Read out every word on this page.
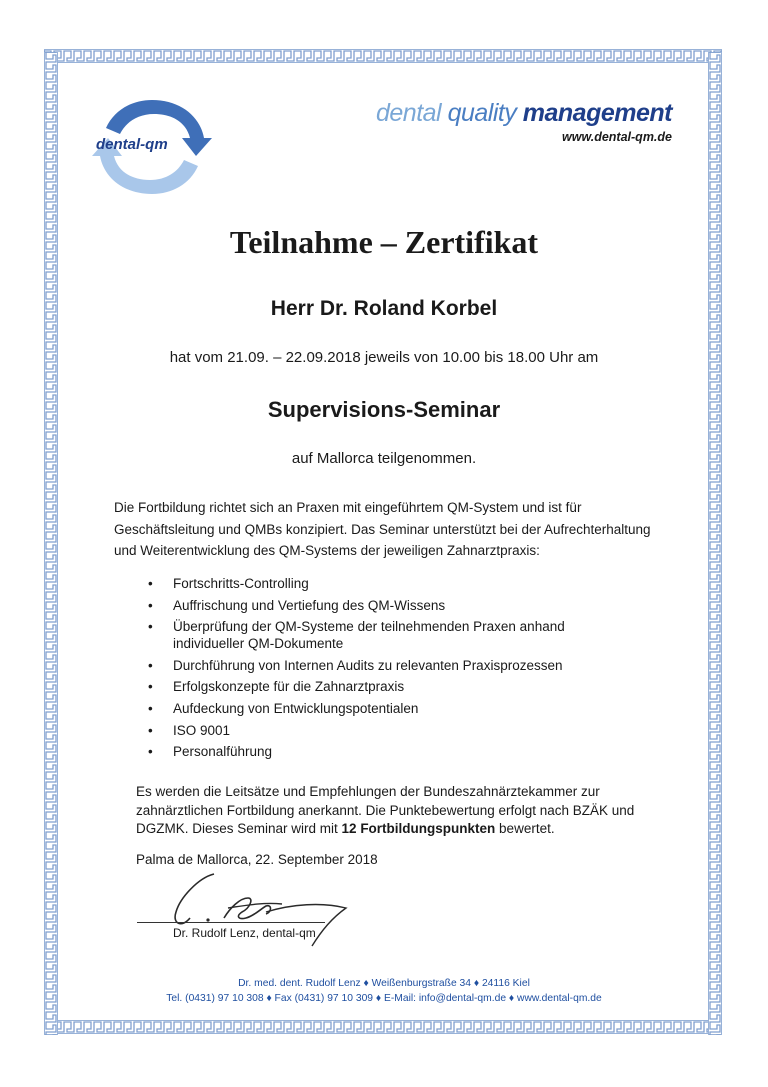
dental-qm
dental quality management
www.dental-qm.de
Teilnahme – Zertifikat
Herr Dr. Roland Korbel
hat vom 21.09. – 22.09.2018 jeweils von 10.00 bis 18.00 Uhr am
Supervisions-Seminar
auf Mallorca teilgenommen.
Die Fortbildung richtet sich an Praxen mit eingeführtem QM-System und ist für Geschäftsleitung und QMBs konzipiert. Das Seminar unterstützt bei der Aufrechterhaltung und Weiterentwicklung des QM-Systems der jeweiligen Zahnarztpraxis:
• Fortschritts-Controlling
• Auffrischung und Vertiefung des QM-Wissens
• Überprüfung der QM-Systeme der teilnehmenden Praxen anhand individueller QM-Dokumente
• Durchführung von Internen Audits zu relevanten Praxisprozessen
• Erfolgskonzepte für die Zahnarztpraxis
• Aufdeckung von Entwicklungspotentialen
• ISO 9001
• Personalführung
Es werden die Leitsätze und Empfehlungen der Bundeszahnärztekammer zur zahnärztlichen Fortbildung anerkannt. Die Punktebewertung erfolgt nach BZÄK und DGZMK. Dieses Seminar wird mit 12 Fortbildungspunkten bewertet.
Palma de Mallorca, 22. September 2018
Dr. Rudolf Lenz, dental-qm
Dr. med. dent. Rudolf Lenz ♦ Weißenburgstraße 34 ♦ 24116 Kiel
Tel. (0431) 97 10 308 ♦ Fax (0431) 97 10 309 ♦ E-Mail: info@dental-qm.de ♦ www.dental-qm.de
